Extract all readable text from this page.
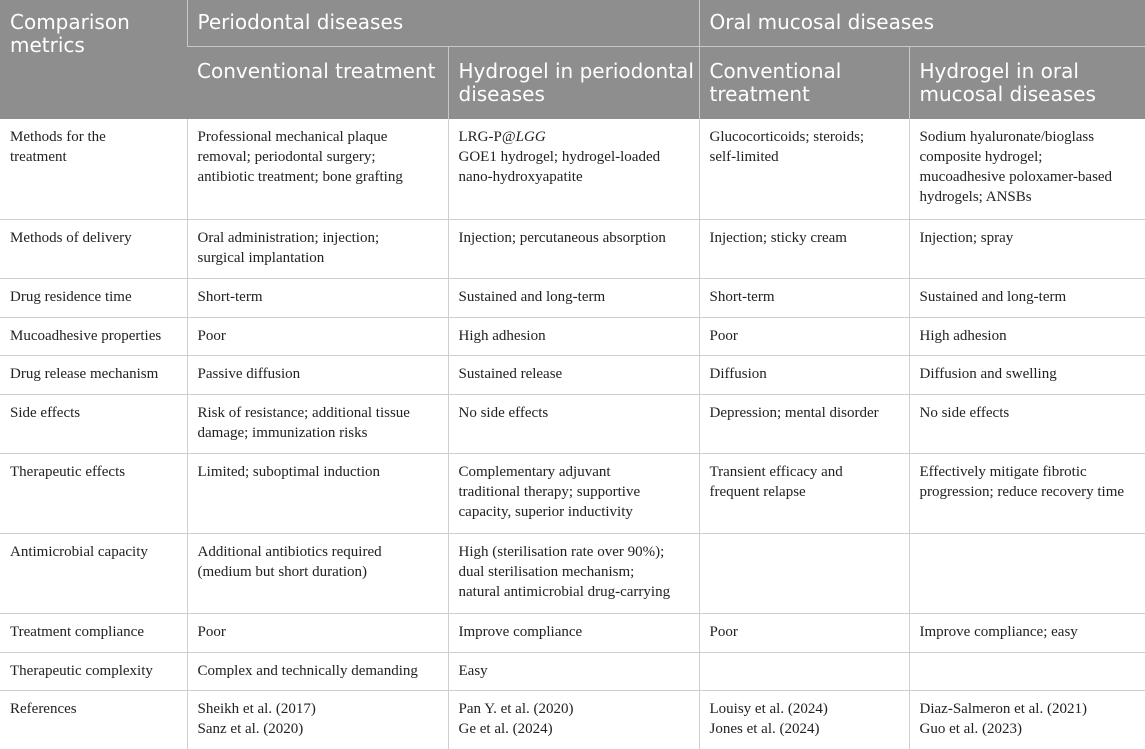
Comparison
metrics	Periodontal diseases		Oral mucosal diseases	

	Conventional treatment	Hydrogel in periodontal
diseases	Conventional
treatment	Hydrogel in oral
mucosal diseases

Methods for the
treatment	Professional mechanical plaque
removal; periodontal surgery;
antibiotic treatment; bone grafting	LRG-P@LGG
GOE1 hydrogel; hydrogel-loaded
nano-hydroxyapatite	Glucocorticoids; steroids;
self-limited	Sodium hyaluronate/bioglass
composite hydrogel;
mucoadhesive poloxamer-based
hydrogels; ANSBs

Methods of delivery	Oral administration; injection;
surgical implantation	Injection; percutaneous absorption	Injection; sticky cream	Injection; spray

Drug residence time	Short-term	Sustained and long-term	Short-term	Sustained and long-term

Mucoadhesive properties	Poor	High adhesion	Poor	High adhesion

Drug release mechanism	Passive diffusion	Sustained release	Diffusion	Diffusion and swelling

Side effects	Risk of resistance; additional tissue
damage; immunization risks	No side effects	Depression; mental disorder	No side effects

Therapeutic effects	Limited; suboptimal induction	Complementary adjuvant
traditional therapy; supportive
capacity, superior inductivity	Transient efficacy and
frequent relapse	Effectively mitigate fibrotic
progression; reduce recovery time

Antimicrobial capacity	Additional antibiotics required
(medium but short duration)	High (sterilisation rate over 90%);
dual sterilisation mechanism;
natural antimicrobial drug-carrying		

Treatment compliance	Poor	Improve compliance	Poor	Improve compliance; easy

Therapeutic complexity	Complex and technically demanding	Easy		

References	Sheikh et al. (2017)
Sanz et al. (2020)	Pan Y. et al. (2020)
Ge et al. (2024)	Louisy et al. (2024)
Jones et al. (2024)	Diaz-Salmeron et al. (2021)
Guo et al. (2023)
